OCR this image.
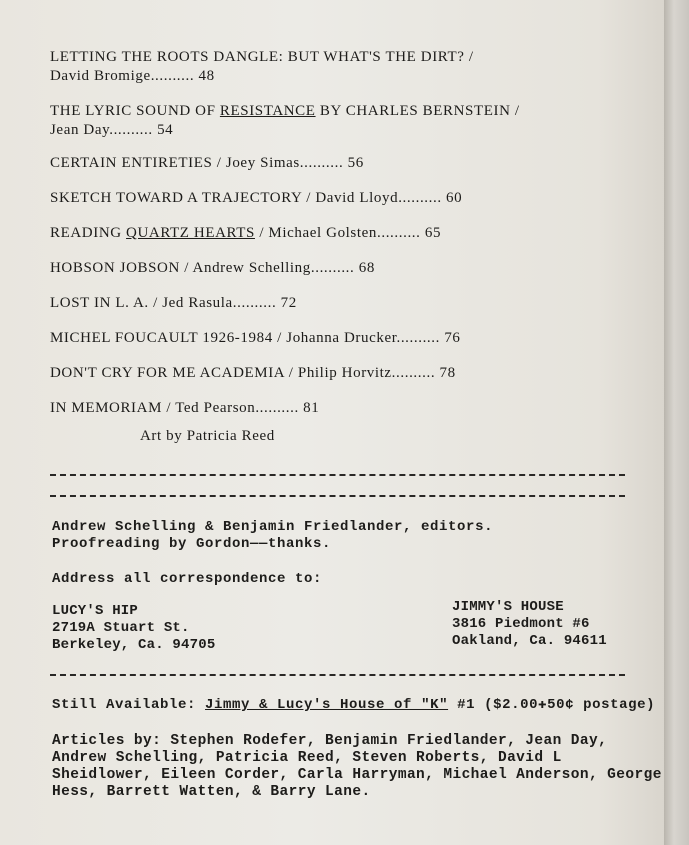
LETTING THE ROOTS DANGLE: BUT WHAT'S THE DIRT? /
David Bromige.......... 48
THE LYRIC SOUND OF RESISTANCE BY CHARLES BERNSTEIN /
Jean Day.......... 54
CERTAIN ENTIRETIES / Joey Simas.......... 56
SKETCH TOWARD A TRAJECTORY / David Lloyd.......... 60
READING QUARTZ HEARTS / Michael Golsten.......... 65
HOBSON JOBSON / Andrew Schelling.......... 68
LOST IN L. A. / Jed Rasula.......... 72
MICHEL FOUCAULT 1926-1984 / Johanna Drucker.......... 76
DON'T CRY FOR ME ACADEMIA / Philip Horvitz.......... 78
IN MEMORIAM / Ted Pearson.......... 81
Art by Patricia Reed
Andrew Schelling & Benjamin Friedlander, editors.
Proofreading by Gordon——thanks.
Address all correspondence to:
LUCY'S HIP
2719A Stuart St.
Berkeley, Ca. 94705
JIMMY'S HOUSE
3816 Piedmont #6
Oakland, Ca. 94611
Still Available: Jimmy & Lucy's House of "K" #1 ($2.00✚50¢ postage)
Articles by: Stephen Rodefer, Benjamin Friedlander, Jean Day, Andrew Schelling, Patricia Reed, Steven Roberts, David L Sheidlower, Eileen Corder, Carla Harryman, Michael Anderson, George Hess, Barrett Watten, & Barry Lane.
